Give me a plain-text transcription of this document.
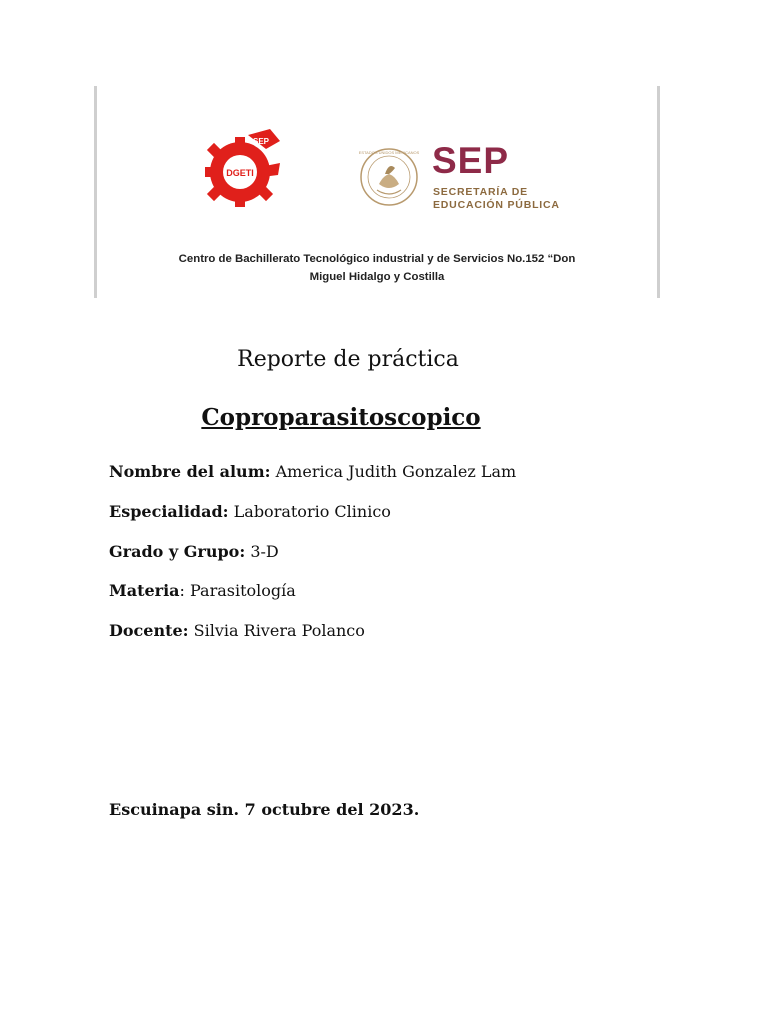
SEP
DGETI
ESTADOS UNIDOS MEXICANOS SEP
SECRETARÍA DE
EDUCACIÓN PÚBLICA
Centro de Bachillerato Tecnológico industrial y de Servicios No.152 “Don
Miguel Hidalgo y Costilla
Reporte de práctica
Coproparasitoscopico
Nombre del alum: America Judith Gonzalez Lam
Especialidad: Laboratorio Clinico
Grado y Grupo: 3-D
Materia: Parasitología
Docente: Silvia Rivera Polanco
Escuinapa sin. 7 octubre del 2023.
